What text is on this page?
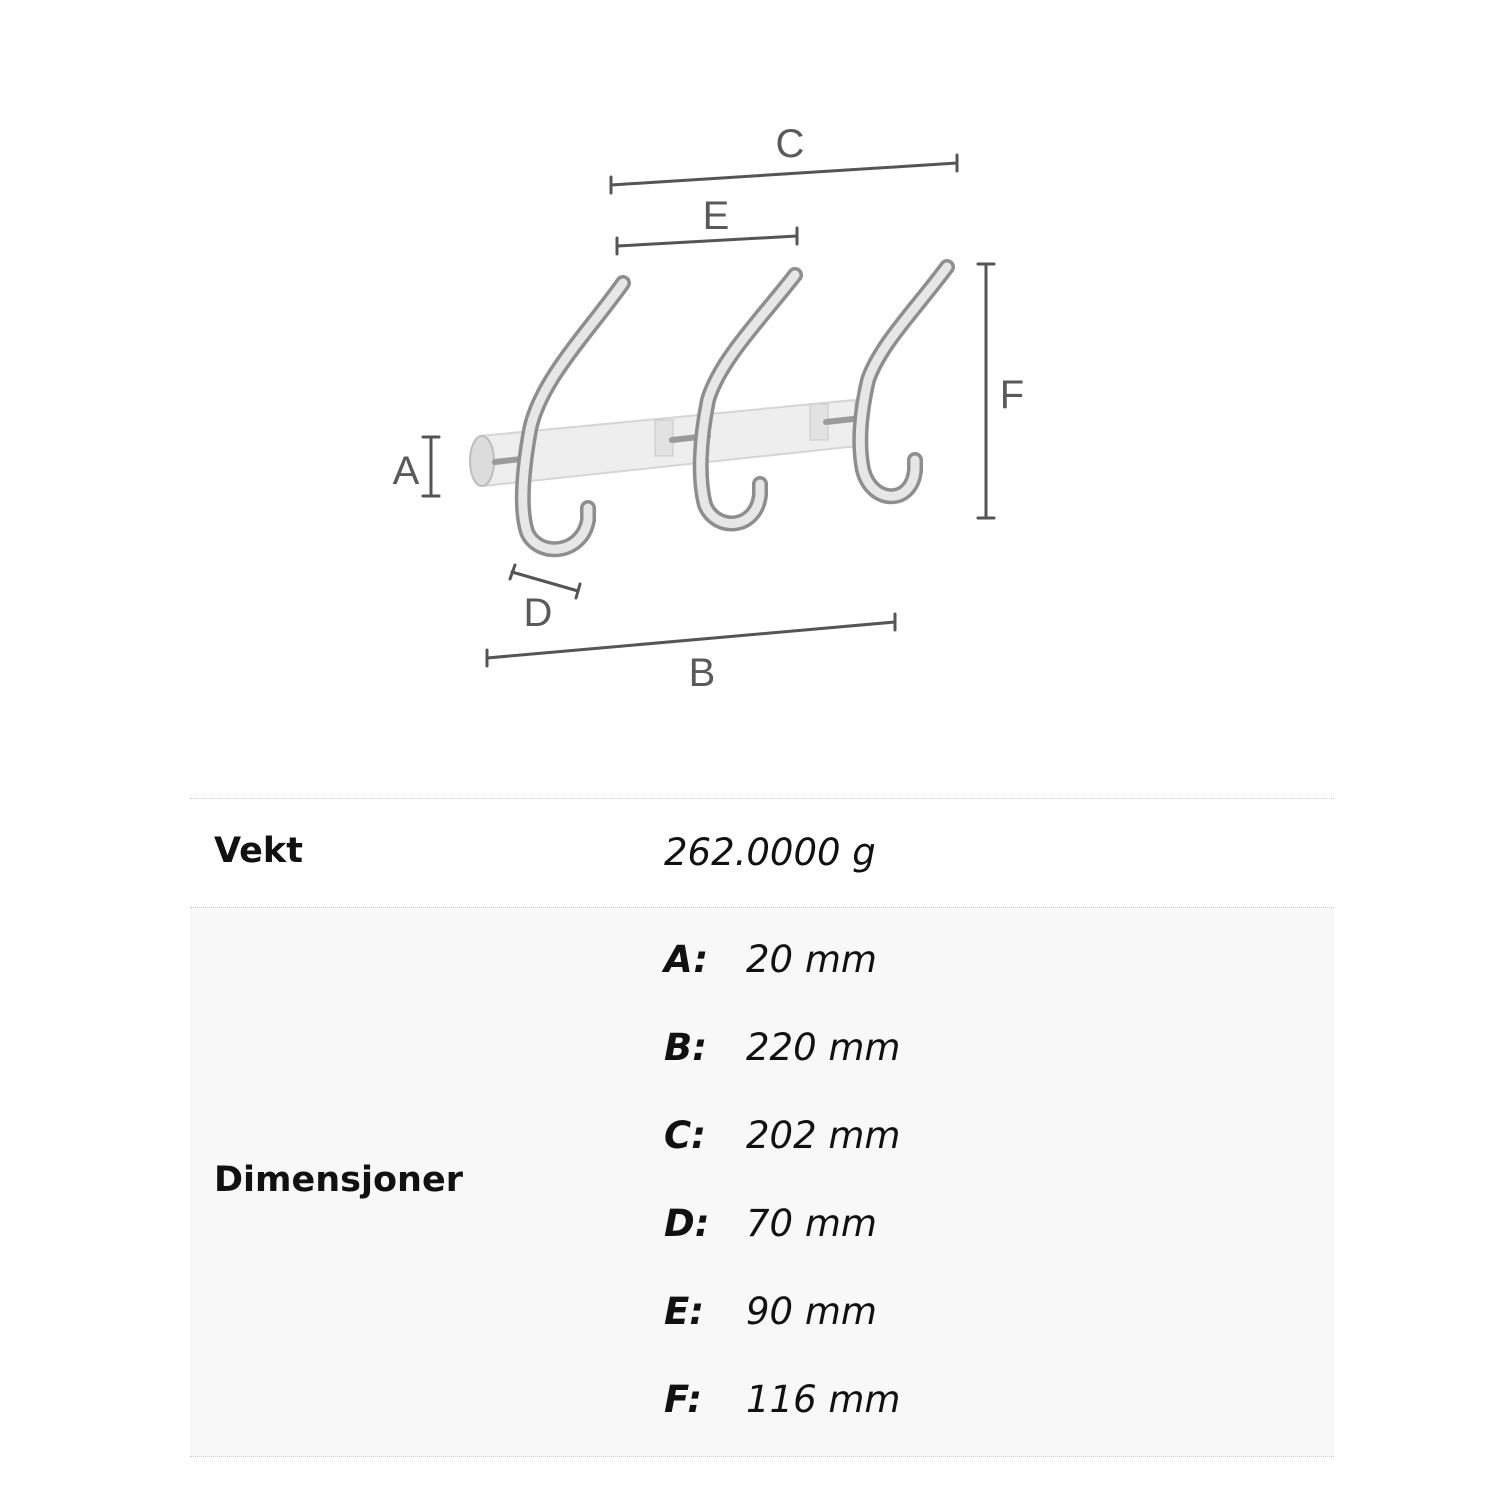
C
E
F
A
D
B
Vekt	262.0000 g
Dimensjoner
A:	20 mm
B:	220 mm
C:	202 mm
D: 70 mm
E:	90 mm
F:	116 mm
